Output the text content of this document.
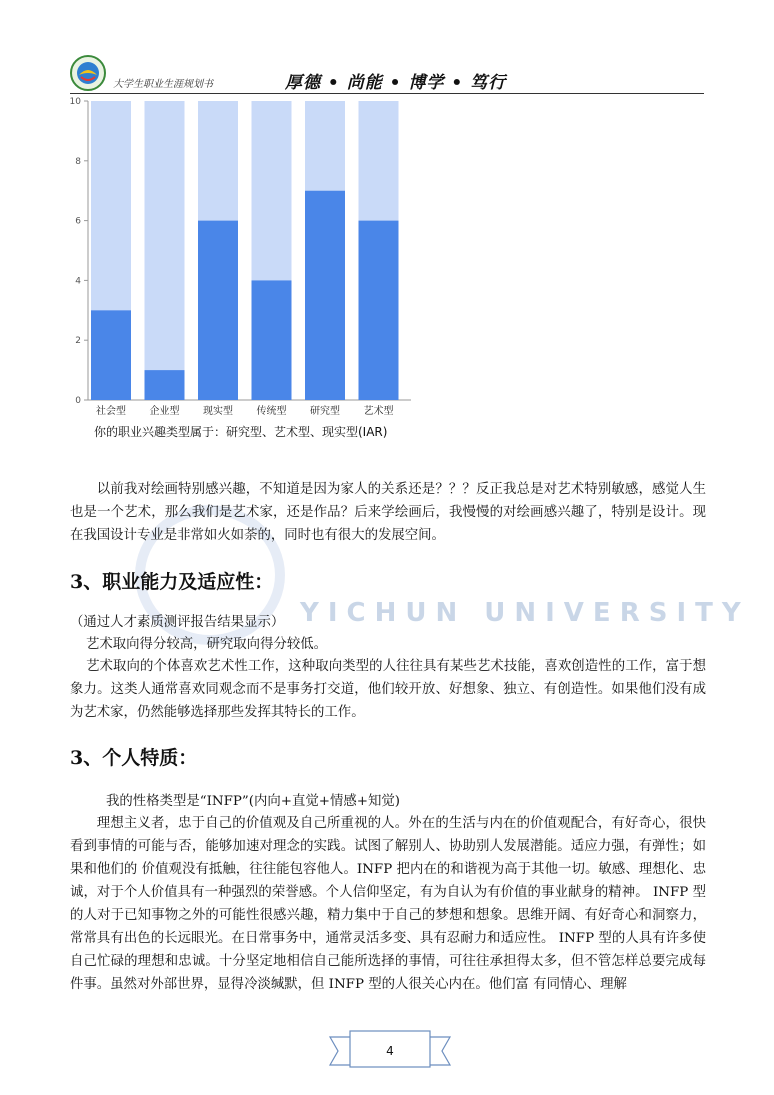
大学生职业生涯规划书	厚德 • 尚能 • 博学 • 笃行
YICHUN UNIVERSITY
0
2
4
6
8
10
社会型 企业型 现实型 传统型 研究型 艺术型
你的职业兴趣类型属于：研究型、艺术型、现实型(IAR)
以前我对绘画特别感兴趣，不知道是因为家人的关系还是？？？反正我总是对艺术特别敏感，感觉人生也是一个艺术，那么我们是艺术家，还是作品？后来学绘画后，我慢慢的对绘画感兴趣了，特别是设计。现在我国设计专业是非常如火如荼的，同时也有很大的发展空间。
3、职业能力及适应性：
（通过人才素质测评报告结果显示）
艺术取向得分较高，研究取向得分较低。
艺术取向的个体喜欢艺术性工作，这种取向类型的人往往具有某些艺术技能，喜欢创造性的工作，富于想象力。这类人通常喜欢同观念而不是事务打交道，他们较开放、好想象、独立、有创造性。如果他们没有成为艺术家，仍然能够选择那些发挥其特长的工作。
3、个人特质：
我的性格类型是“INFP”(内向+直觉+情感+知觉)
理想主义者，忠于自己的价值观及自己所重视的人。外在的生活与内在的价值观配合，有好奇心，很快看到事情的可能与否，能够加速对理念的实践。试图了解别人、协助别人发展潜能。适应力强，有弹性；如果和他们的 价值观没有抵触，往往能包容他人。INFP 把内在的和谐视为高于其他一切。敏感、理想化、忠诚，对于个人价值具有一种强烈的荣誉感。个人信仰坚定，有为自认为有价值的事业献身的精神。 INFP 型的人对于已知事物之外的可能性很感兴趣，精力集中于自己的梦想和想象。思维开阔、有好奇心和洞察力，常常具有出色的长远眼光。在日常事务中，通常灵活多变、具有忍耐力和适应性。 INFP 型的人具有许多使自己忙碌的理想和忠诚。十分坚定地相信自己能所选择的事情，可往往承担得太多，但不管怎样总要完成每件事。虽然对外部世界，显得冷淡缄默，但 INFP 型的人很关心内在。他们富 有同情心、理解
4
